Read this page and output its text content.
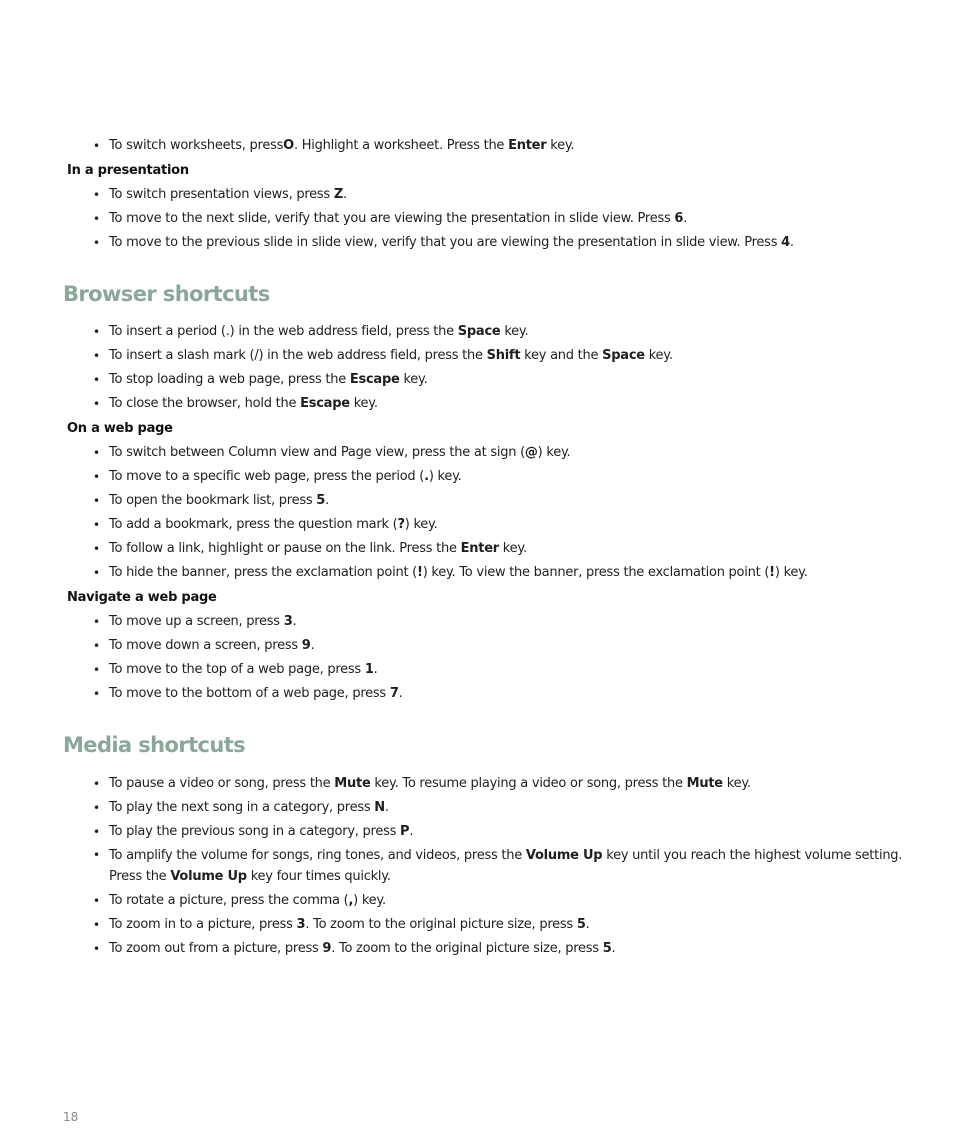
• To switch worksheets, pressO. Highlight a worksheet. Press the Enter key.
In a presentation
• To switch presentation views, press Z.
• To move to the next slide, verify that you are viewing the presentation in slide view. Press 6.
• To move to the previous slide in slide view, verify that you are viewing the presentation in slide view. Press 4.
Browser shortcuts
• To insert a period (.) in the web address field, press the Space key.
• To insert a slash mark (/) in the web address field, press the Shift key and the Space key.
• To stop loading a web page, press the Escape key.
• To close the browser, hold the Escape key.
On a web page
• To switch between Column view and Page view, press the at sign (@) key.
• To move to a specific web page, press the period (.) key.
• To open the bookmark list, press 5.
• To add a bookmark, press the question mark (?) key.
• To follow a link, highlight or pause on the link. Press the Enter key.
• To hide the banner, press the exclamation point (!) key. To view the banner, press the exclamation point (!) key.
Navigate a web page
• To move up a screen, press 3.
• To move down a screen, press 9.
• To move to the top of a web page, press 1.
• To move to the bottom of a web page, press 7.
Media shortcuts
• To pause a video or song, press the Mute key. To resume playing a video or song, press the Mute key.
• To play the next song in a category, press N.
• To play the previous song in a category, press P.
• To amplify the volume for songs, ring tones, and videos, press the Volume Up key until you reach the highest volume setting. Press the Volume Up key four times quickly.
• To rotate a picture, press the comma (,) key.
• To zoom in to a picture, press 3. To zoom to the original picture size, press 5.
• To zoom out from a picture, press 9. To zoom to the original picture size, press 5.
18
